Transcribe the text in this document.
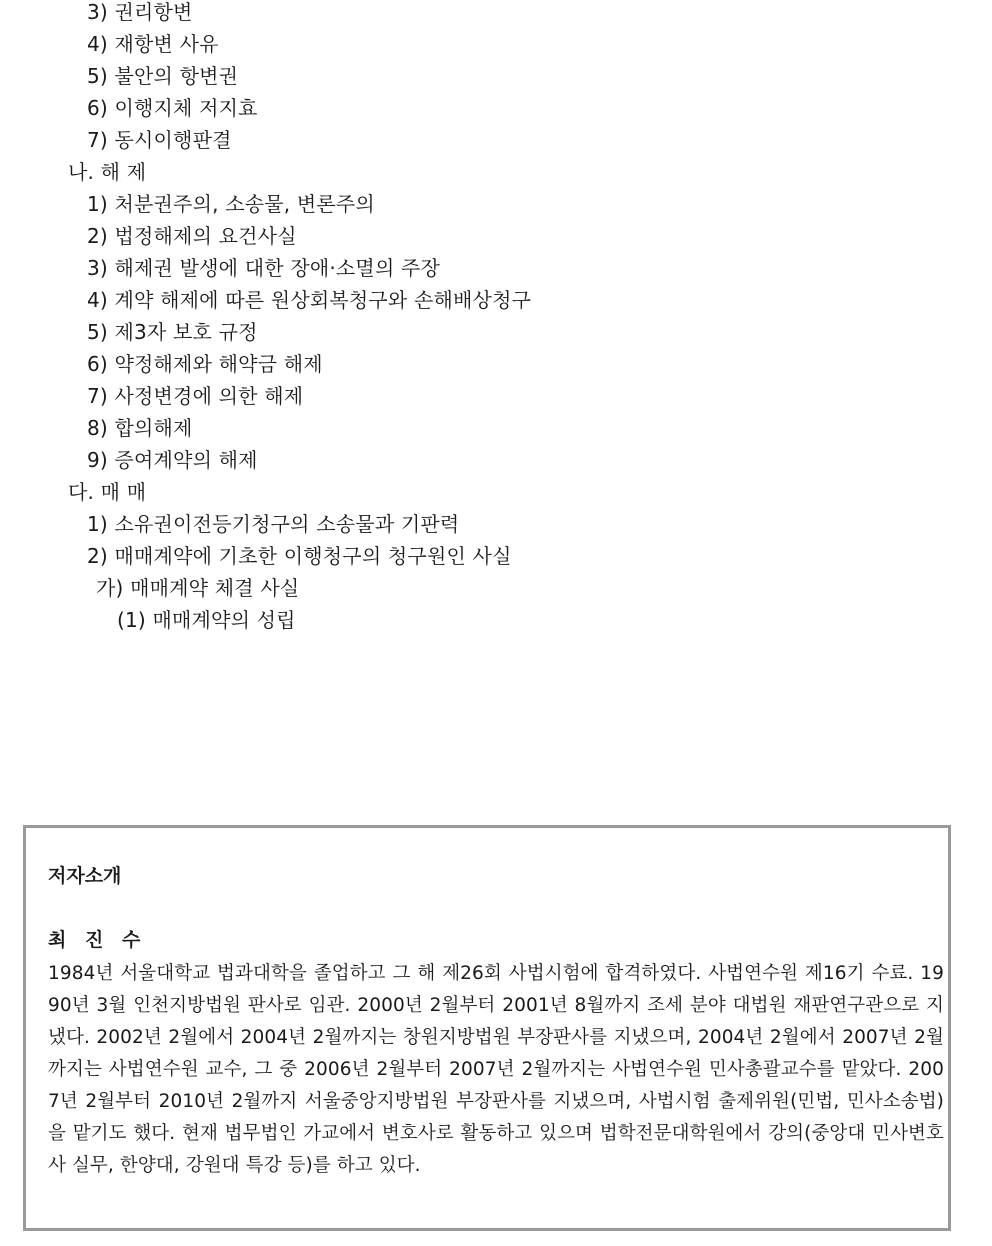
3) 권리항변
4) 재항변 사유
5) 불안의 항변권
6) 이행지체 저지효
7) 동시이행판결
나. 해 제
1) 처분권주의, 소송물, 변론주의
2) 법정해제의 요건사실
3) 해제권 발생에 대한 장애·소멸의 주장
4) 계약 해제에 따른 원상회복청구와 손해배상청구
5) 제3자 보호 규정
6) 약정해제와 해약금 해제
7) 사정변경에 의한 해제
8) 합의해제
9) 증여계약의 해제
다. 매 매
1) 소유권이전등기청구의 소송물과 기판력
2) 매매계약에 기초한 이행청구의 청구원인 사실
가) 매매계약 체결 사실
(1) 매매계약의 성립
저자소개
최 진 수

1984년 서울대학교 법과대학을 졸업하고 그 해 제26회 사법시험에 합격하였다. 사법연수원 제16기 수료. 1990년 3월 인천지방법원 판사로 임관. 2000년 2월부터 2001년 8월까지 조세 분야 대법원 재판연구관으로 지냈다. 2002년 2월에서 2004년 2월까지는 창원지방법원 부장판사를 지냈으며, 2004년 2월에서 2007년 2월까지는 사법연수원 교수, 그 중 2006년 2월부터 2007년 2월까지는 사법연수원 민사총괄교수를 맡았다. 2007년 2월부터 2010년 2월까지 서울중앙지방법원 부장판사를 지냈으며, 사법시험 출제위원(민법, 민사소송법)을 맡기도 했다. 현재 법무법인 가교에서 변호사로 활동하고 있으며 법학전문대학원에서 강의(중앙대 민사변호사 실무, 한양대, 강원대 특강 등)를 하고 있다.
